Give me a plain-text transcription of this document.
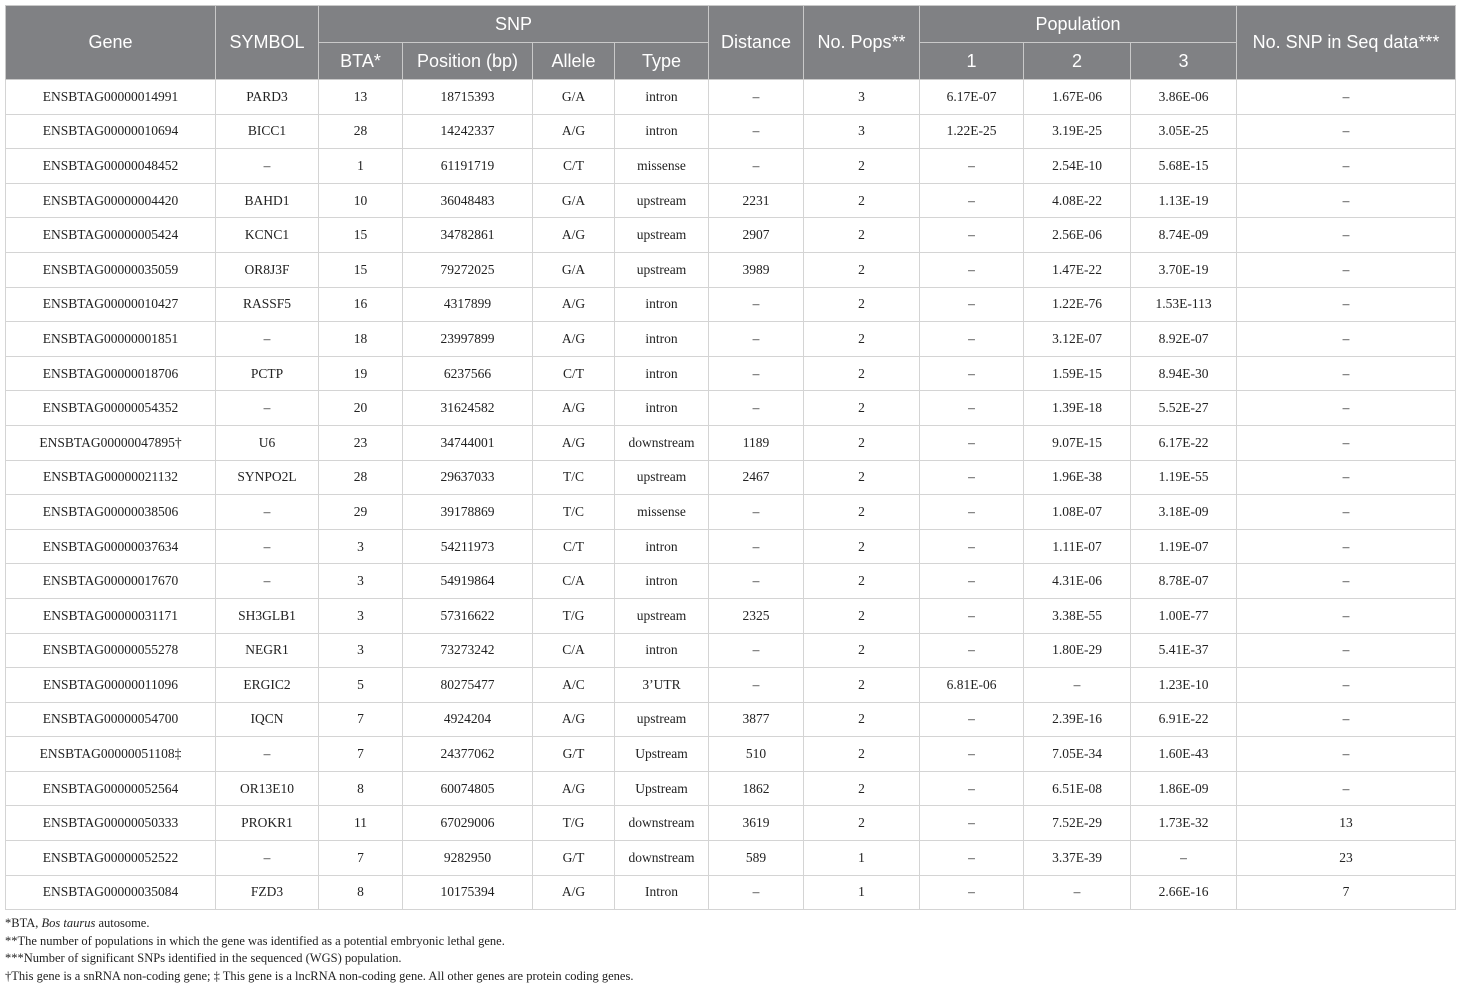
Gene	SYMBOL	SNP				Distance	No. Pops**	Population			No. SNP in Seq data***
		BTA*	Position (bp)	Allele	Type			1	2	3	
ENSBTAG00000014991	PARD3	13	18715393	G/A	intron	–	3	6.17E-07	1.67E-06	3.86E-06	–
ENSBTAG00000010694	BICC1	28	14242337	A/G	intron	–	3	1.22E-25	3.19E-25	3.05E-25	–
ENSBTAG00000048452	–	1	61191719	C/T	missense	–	2	–	2.54E-10	5.68E-15	–
ENSBTAG00000004420	BAHD1	10	36048483	G/A	upstream	2231	2	–	4.08E-22	1.13E-19	–
ENSBTAG00000005424	KCNC1	15	34782861	A/G	upstream	2907	2	–	2.56E-06	8.74E-09	–
ENSBTAG00000035059	OR8J3F	15	79272025	G/A	upstream	3989	2	–	1.47E-22	3.70E-19	–
ENSBTAG00000010427	RASSF5	16	4317899	A/G	intron	–	2	–	1.22E-76	1.53E-113	–
ENSBTAG00000001851	–	18	23997899	A/G	intron	–	2	–	3.12E-07	8.92E-07	–
ENSBTAG00000018706	PCTP	19	6237566	C/T	intron	–	2	–	1.59E-15	8.94E-30	–
ENSBTAG00000054352	–	20	31624582	A/G	intron	–	2	–	1.39E-18	5.52E-27	–
ENSBTAG00000047895†	U6	23	34744001	A/G	downstream	1189	2	–	9.07E-15	6.17E-22	–
ENSBTAG00000021132	SYNPO2L	28	29637033	T/C	upstream	2467	2	–	1.96E-38	1.19E-55	–
ENSBTAG00000038506	–	29	39178869	T/C	missense	–	2	–	1.08E-07	3.18E-09	–
ENSBTAG00000037634	–	3	54211973	C/T	intron	–	2	–	1.11E-07	1.19E-07	–
ENSBTAG00000017670	–	3	54919864	C/A	intron	–	2	–	4.31E-06	8.78E-07	–
ENSBTAG00000031171	SH3GLB1	3	57316622	T/G	upstream	2325	2	–	3.38E-55	1.00E-77	–
ENSBTAG00000055278	NEGR1	3	73273242	C/A	intron	–	2	–	1.80E-29	5.41E-37	–
ENSBTAG00000011096	ERGIC2	5	80275477	A/C	3’UTR	–	2	6.81E-06	–	1.23E-10	–
ENSBTAG00000054700	IQCN	7	4924204	A/G	upstream	3877	2	–	2.39E-16	6.91E-22	–
ENSBTAG00000051108‡	–	7	24377062	G/T	Upstream	510	2	–	7.05E-34	1.60E-43	–
ENSBTAG00000052564	OR13E10	8	60074805	A/G	Upstream	1862	2	–	6.51E-08	1.86E-09	–
ENSBTAG00000050333	PROKR1	11	67029006	T/G	downstream	3619	2	–	7.52E-29	1.73E-32	13
ENSBTAG00000052522	–	7	9282950	G/T	downstream	589	1	–	3.37E-39	–	23
ENSBTAG00000035084	FZD3	8	10175394	A/G	Intron	–	1	–	–	2.66E-16	7
*BTA, Bos taurus autosome.
**The number of populations in which the gene was identified as a potential embryonic lethal gene.
***Number of significant SNPs identified in the sequenced (WGS) population.
†This gene is a snRNA non-coding gene; ‡ This gene is a lncRNA non-coding gene. All other genes are protein coding genes.
